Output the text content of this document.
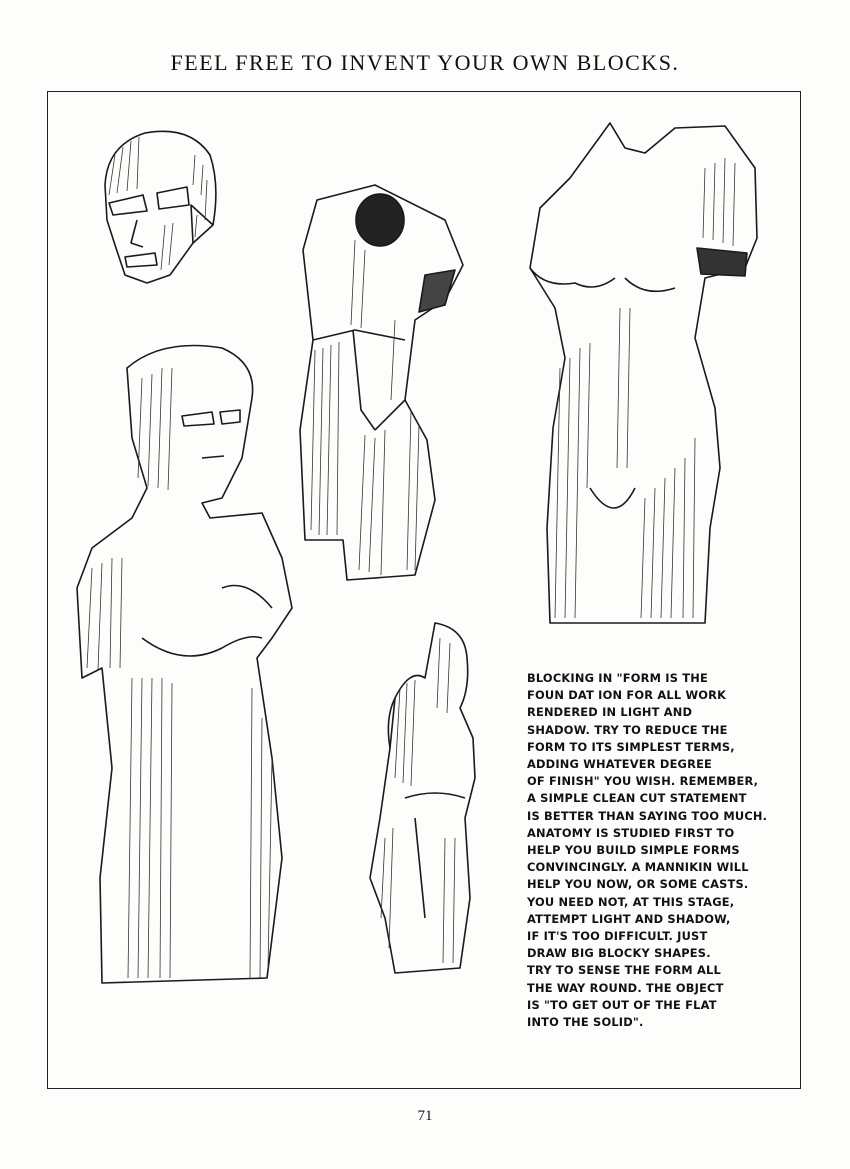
FEEL FREE TO INVENT YOUR OWN BLOCKS.
BLOCKING IN "FORM IS THE
FOUN DAT ION FOR ALL WORK
RENDERED IN LIGHT AND
SHADOW. TRY TO REDUCE THE
FORM TO ITS SIMPLEST TERMS,
ADDING WHATEVER DEGREE
OF FINISH" YOU WISH. REMEMBER,
A SIMPLE CLEAN CUT STATEMENT
IS BETTER THAN SAYING TOO MUCH.
ANATOMY IS STUDIED FIRST TO
HELP YOU BUILD SIMPLE FORMS
CONVINCINGLY. A MANNIKIN WILL
HELP YOU NOW, OR SOME CASTS.
YOU NEED NOT, AT THIS STAGE,
ATTEMPT LIGHT AND SHADOW,
IF IT'S TOO DIFFICULT. JUST
DRAW BIG BLOCKY SHAPES.
TRY TO SENSE THE FORM ALL
THE WAY ROUND. THE OBJECT
IS "TO GET OUT OF THE FLAT
INTO THE SOLID".
71
